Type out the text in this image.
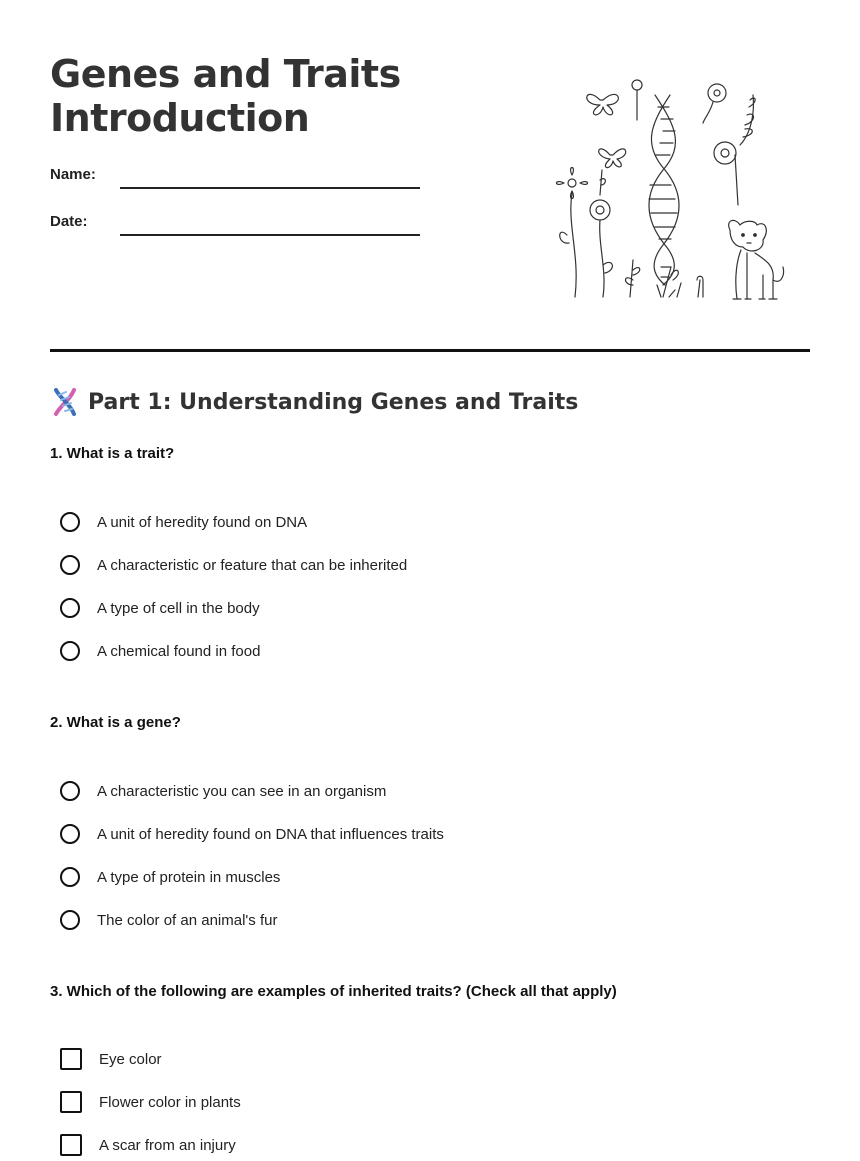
Genes and Traits
Introduction
Name:
Date:
Part 1: Understanding Genes and Traits

1. What is a trait?

A unit of heredity found on DNA
A characteristic or feature that can be inherited
A type of cell in the body
A chemical found in food

2. What is a gene?

A characteristic you can see in an organism
A unit of heredity found on DNA that influences traits
A type of protein in muscles
The color of an animal's fur

3. Which of the following are examples of inherited traits? (Check all that apply)

Eye color
Flower color in plants
A scar from an injury
